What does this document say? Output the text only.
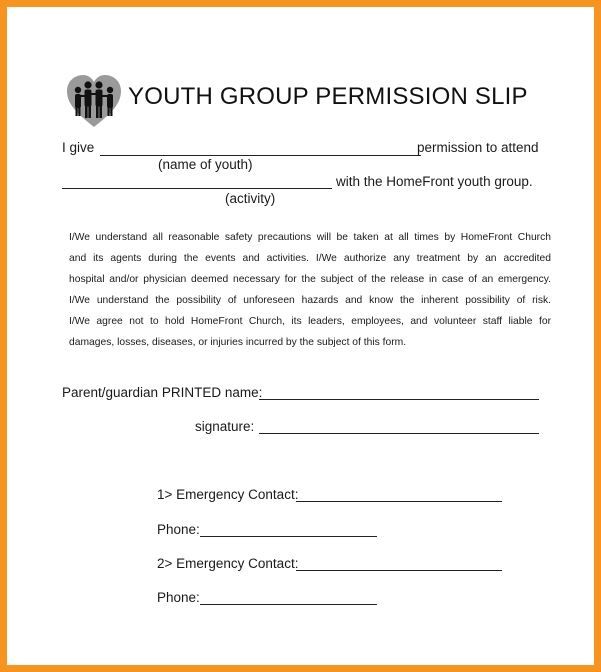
YOUTH GROUP PERMISSION SLIP
I give	permission to attend
(name of youth)
with the HomeFront youth group.
(activity)
I/We understand all reasonable safety precautions will be taken at all times by HomeFront Church
and its agents during the events and activities. I/We authorize any treatment by an accredited
hospital and/or physician deemed necessary for the subject of the release in case of an emergency.
I/We understand the possibility of unforeseen hazards and know the inherent possibility of risk.
I/We agree not to hold HomeFront Church, its leaders, employees, and volunteer staff liable for
damages, losses, diseases, or injuries incurred by the subject of this form.
Parent/guardian PRINTED name:
signature:
1> Emergency Contact:
Phone:
2> Emergency Contact:
Phone:
